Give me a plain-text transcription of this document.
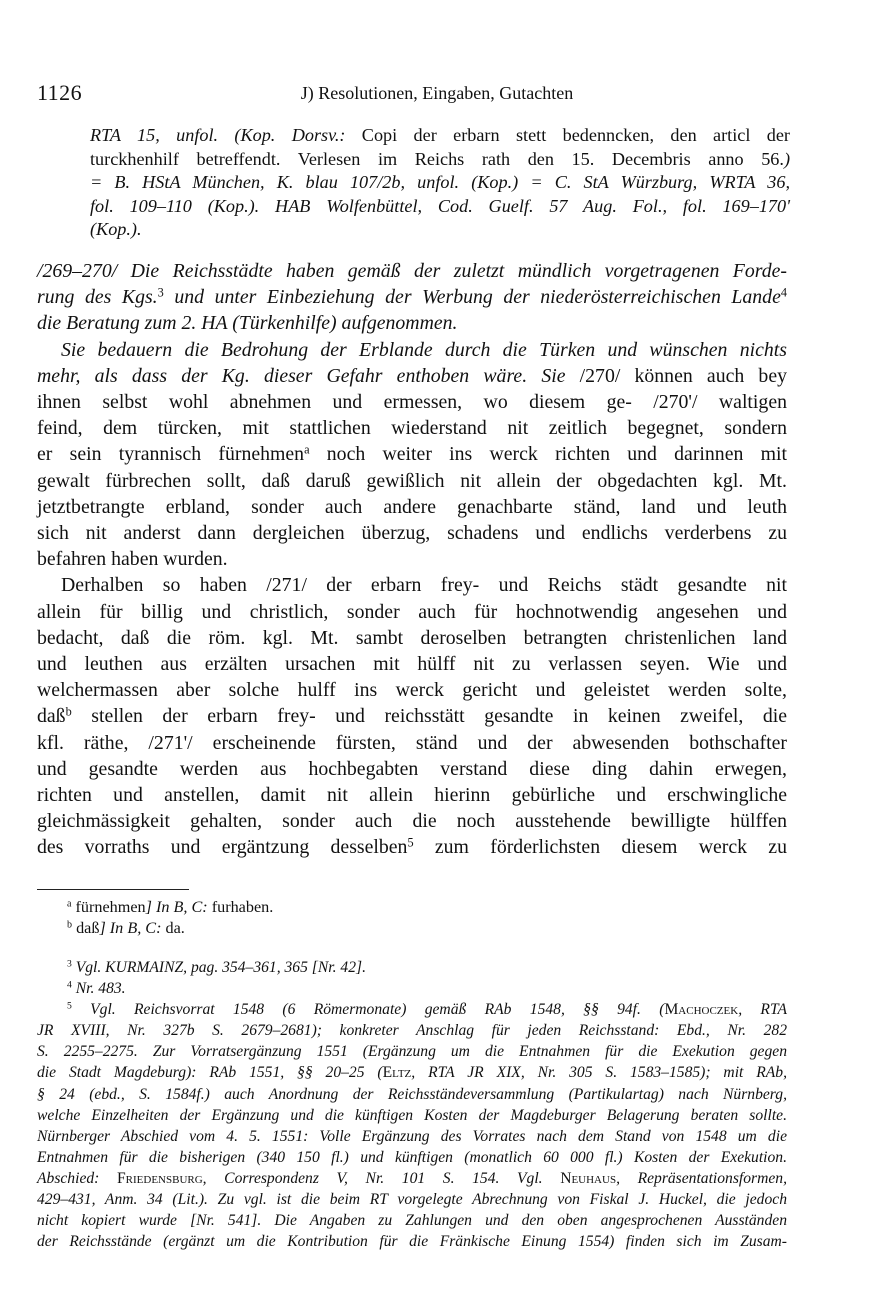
1126	J) Resolutionen, Eingaben, Gutachten
RTA 15, unfol. (Kop. Dorsv.: Copi der erbarn stett bedenncken, den articl der
turckhenhilf betreffendt. Verlesen im Reichs rath den 15. Decembris anno 56.)
= B. HStA München, K. blau 107/2b, unfol. (Kop.) = C. StA Würzburg, WRTA 36,
fol. 109–110 (Kop.). HAB Wolfenbüttel, Cod. Guelf. 57 Aug. Fol., fol. 169–170'
(Kop.).
/269–270/ Die Reichsstädte haben gemäß der zuletzt mündlich vorgetragenen Forde-
rung des Kgs.$^3$ und unter Einbeziehung der Werbung der niederösterreichischen Lande$^4$
die Beratung zum 2. HA (Türkenhilfe) aufgenommen.
Sie bedauern die Bedrohung der Erblande durch die Türken und wünschen nichts
mehr, als dass der Kg. dieser Gefahr enthoben wäre. Sie /270/ können auch bey
ihnen selbst wohl abnehmen und ermessen, wo diesem ge- /270'/ waltigen
feind, dem türcken, mit stattlichen wiederstand nit zeitlich begegnet, sondern
er sein tyrannisch fürnehmen$^a$ noch weiter ins werck richten und darinnen mit
gewalt fürbrechen sollt, daß daruß gewißlich nit allein der obgedachten kgl. Mt.
jetztbetrangte erbland, sonder auch andere genachbarte ständ, land und leuth
sich nit anderst dann dergleichen überzug, schadens und endlichs verderbens zu
befahren haben wurden.
Derhalben so haben /271/ der erbarn frey- und Reichs städt gesandte nit
allein für billig und christlich, sonder auch für hochnotwendig angesehen und
bedacht, daß die röm. kgl. Mt. sambt deroselben betrangten christenlichen land
und leuthen aus erzälten ursachen mit hülff nit zu verlassen seyen. Wie und
welchermassen aber solche hulff ins werck gericht und geleistet werden solte,
daß$^b$ stellen der erbarn frey- und reichsstätt gesandte in keinen zweifel, die
kfl. räthe, /271'/ erscheinende fürsten, ständ und der abwesenden bothschafter
und gesandte werden aus hochbegabten verstand diese ding dahin erwegen,
richten und anstellen, damit nit allein hierinn gebürliche und erschwingliche
gleichmässigkeit gehalten, sonder auch die noch ausstehende bewilligte hülffen
des vorraths und ergäntzung desselben$^5$ zum förderlichsten diesem werck zu
$^a$ fürnehmen] In B, C: furhaben.
$^b$ daß] In B, C: da.
$^3$ Vgl. KURMAINZ, pag. 354–361, 365 [Nr. 42].
$^4$ Nr. 483.
$^5$ Vgl. Reichsvorrat 1548 (6 Römermonate) gemäß RAb 1548, §§ 94f. (Machoczek, RTA
JR XVIII, Nr. 327b S. 2679–2681); konkreter Anschlag für jeden Reichsstand: Ebd., Nr. 282
S. 2255–2275. Zur Vorratsergänzung 1551 (Ergänzung um die Entnahmen für die Exekution gegen
die Stadt Magdeburg): RAb 1551, §§ 20–25 (Eltz, RTA JR XIX, Nr. 305 S. 1583–1585); mit RAb,
§ 24 (ebd., S. 1584f.) auch Anordnung der Reichsständeversammlung (Partikulartag) nach Nürnberg,
welche Einzelheiten der Ergänzung und die künftigen Kosten der Magdeburger Belagerung beraten sollte.
Nürnberger Abschied vom 4. 5. 1551: Volle Ergänzung des Vorrates nach dem Stand von 1548 um die
Entnahmen für die bisherigen (340 150 fl.) und künftigen (monatlich 60 000 fl.) Kosten der Exekution.
Abschied: Friedensburg, Correspondenz V, Nr. 101 S. 154. Vgl. Neuhaus, Repräsentationsformen,
429–431, Anm. 34 (Lit.). Zu vgl. ist die beim RT vorgelegte Abrechnung von Fiskal J. Huckel, die jedoch
nicht kopiert wurde [Nr. 541]. Die Angaben zu Zahlungen und den oben angesprochenen Ausständen
der Reichsstände (ergänzt um die Kontribution für die Fränkische Einung 1554) finden sich im Zusam-
